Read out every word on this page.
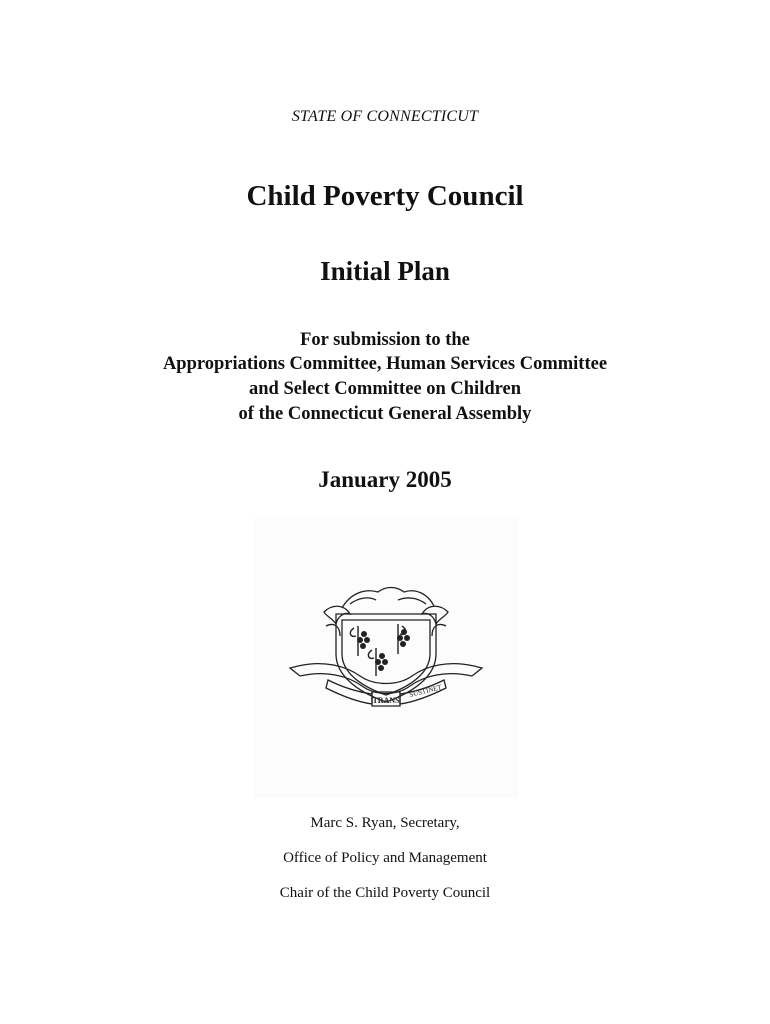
STATE OF CONNECTICUT
Child Poverty Council
Initial Plan
For submission to the
Appropriations Committee, Human Services Committee
and Select Committee on Children
of the Connecticut General Assembly
January 2005
TRANS
SUSTINET
Marc S. Ryan, Secretary,
Office of Policy and Management
Chair of the Child Poverty Council
